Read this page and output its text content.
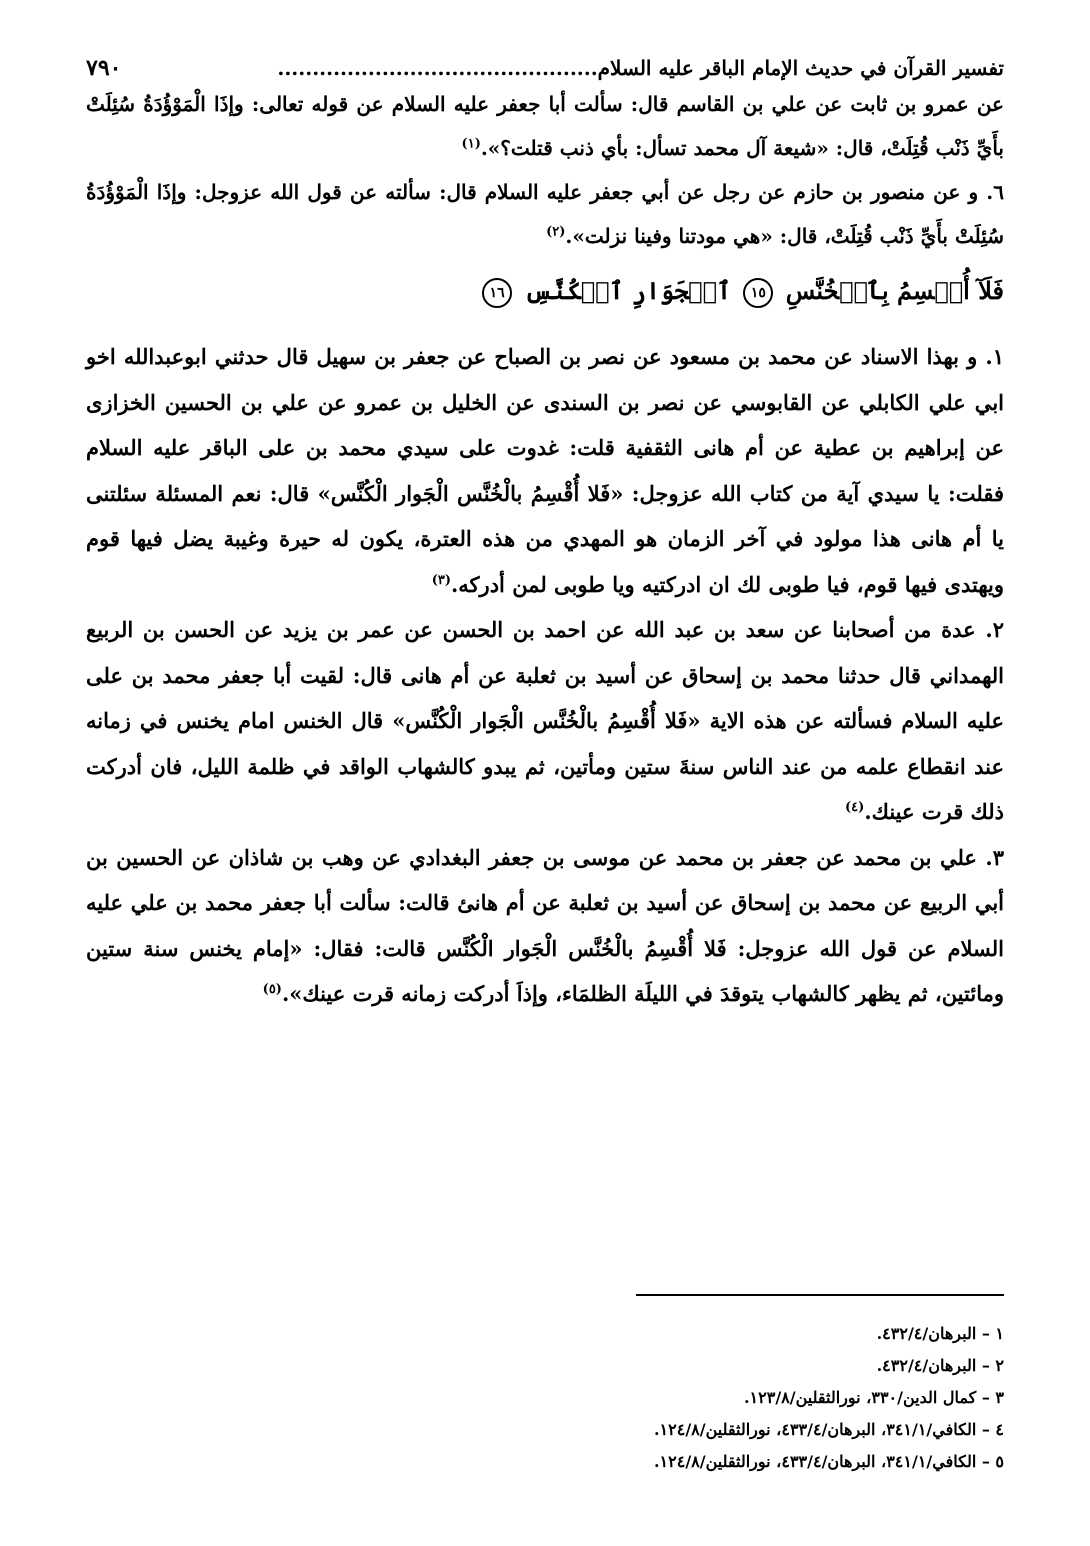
تفسير القرآن في حديث الإمام الباقر عليه السلام..............................................
٧٩٠

عن عمرو بن ثابت عن علي بن القاسم قال: سألت أبا جعفر عليه السلام عن قوله تعالى: وإذَا الْمَوْؤُدَةُ سُئِلَتْ بأَيِّ ذَنْب قُتِلَتْ، قال: «شيعة آل محمد تسأل: بأي ذنب قتلت؟».$^{(١)}$

٦. و عن منصور بن حازم عن رجل عن أبي جعفر عليه السلام قال: سألته عن قول الله عزوجل: وإذَا الْمَوْؤُدَةُ سُئِلَتْ بأَيِّ ذَنْب قُتِلَتْ، قال: «هي مودتنا وفينا نزلت».$^{(٢)}$

فَلَآ أُقۡسِمُ بِٱلۡخُنَّسِ ١٥ ٱلۡجَوَارِ ٱلۡكُنَّسِ ١٦

١. و بهذا الاسناد عن محمد بن مسعود عن نصر بن الصباح عن جعفر بن سهيل قال حدثني ابوعبدالله اخو ابي علي الكابلي عن القابوسي عن نصر بن السندى عن الخليل بن عمرو عن علي بن الحسين الخزازى عن إبراهيم بن عطية عن أم هانى الثقفية قلت: غدوت على سيدي محمد بن على الباقر عليه السلام فقلت: يا سيدي آية من كتاب الله عزوجل: «فَلا أُقْسِمُ بالْخُنَّس الْجَوار الْكُنَّس» قال: نعم المسئلة سئلتنى يا أم هانى هذا مولود في آخر الزمان هو المهدي من هذه العترة، يكون له حيرة وغيبة يضل فيها قوم ويهتدى فيها قوم، فيا طوبى لك ان ادركتيه ويا طوبى لمن أدركه.$^{(٣)}$

٢. عدة من أصحابنا عن سعد بن عبد الله عن احمد بن الحسن عن عمر بن يزيد عن الحسن بن الربيع الهمداني قال حدثنا محمد بن إسحاق عن أسيد بن ثعلبة عن أم هانى قال: لقيت أبا جعفر محمد بن على عليه السلام فسألته عن هذه الاية «فَلا أُقْسِمُ بالْخُنَّس الْجَوار الْكُنَّس» قال الخنس امام يخنس في زمانه عند انقطاع علمه من عند الناس سنةَ ستين ومأتين، ثم يبدو كالشهاب الواقد في ظلمة الليل، فان أدركت ذلك قرت عينك.$^{(٤)}$

٣. علي بن محمد عن جعفر بن محمد عن موسى بن جعفر البغدادي عن وهب بن شاذان عن الحسين بن أبي الربيع عن محمد بن إسحاق عن أسيد بن ثعلبة عن أم هانئ قالت: سألت أبا جعفر محمد بن علي عليه السلام عن قول الله عزوجل: فَلا أُقْسِمُ بالْخُنَّس الْجَوار الْكُنَّس قالت: فقال: «إمام يخنس سنة ستين ومائتين، ثم يظهر كالشهاب يتوقدَ في الليلَة الظلمَاء، وإذاَ أدركت زمانه قرت عينك».$^{(٥)}$

١ – البرهان/٤٣٢/٤.
٢ – البرهان/٤٣٢/٤.
٣ – كمال الدين/٣٣٠، نورالثقلين/١٢٣/٨.
٤ – الكافي/٣٤١/١، البرهان/٤٣٣/٤، نورالثقلين/١٢٤/٨.
٥ – الكافي/٣٤١/١، البرهان/٤٣٣/٤، نورالثقلين/١٢٤/٨.
